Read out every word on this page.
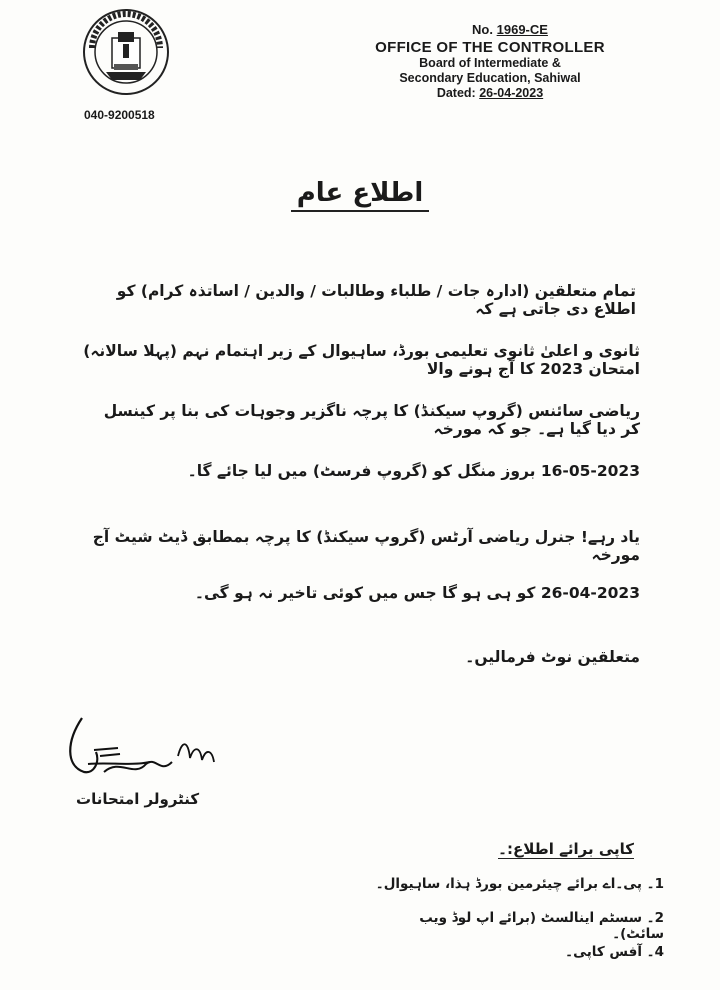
040-9200518
No. 1969-CE
OFFICE OF THE CONTROLLER
Board of Intermediate &
Secondary Education, Sahiwal
Dated: 26-04-2023
اطلاع عام
تمام متعلقین (ادارہ جات / طلباء وطالبات / والدین / اساتذہ کرام) کو اطلاع دی جاتی ہے کہ
ثانوی و اعلیٰ ثانوی تعلیمی بورڈ، ساہیوال کے زیر اہتمام نہم (پہلا سالانہ) امتحان 2023 کا آج ہونے والا
ریاضی سائنس (گروپ سیکنڈ) کا پرچہ ناگزیر وجوہات کی بنا پر کینسل کر دیا گیا ہے۔ جو کہ مورخہ
16-05-2023 بروز منگل کو (گروپ فرسٹ) میں لیا جائے گا۔
یاد رہے! جنرل ریاضی آرٹس (گروپ سیکنڈ) کا پرچہ بمطابق ڈیٹ شیٹ آج مورخہ
26-04-2023 کو ہی ہو گا جس میں کوئی تاخیر نہ ہو گی۔
متعلقین نوٹ فرمالیں۔
کنٹرولر امتحانات
کاپی برائے اطلاع:۔
1۔ پی۔اے برائے چیئرمین بورڈ ہذا، ساہیوال۔
2۔ سسٹم اینالسٹ (برائے اپ لوڈ ویب سائٹ)۔
4۔ آفس کاپی۔
